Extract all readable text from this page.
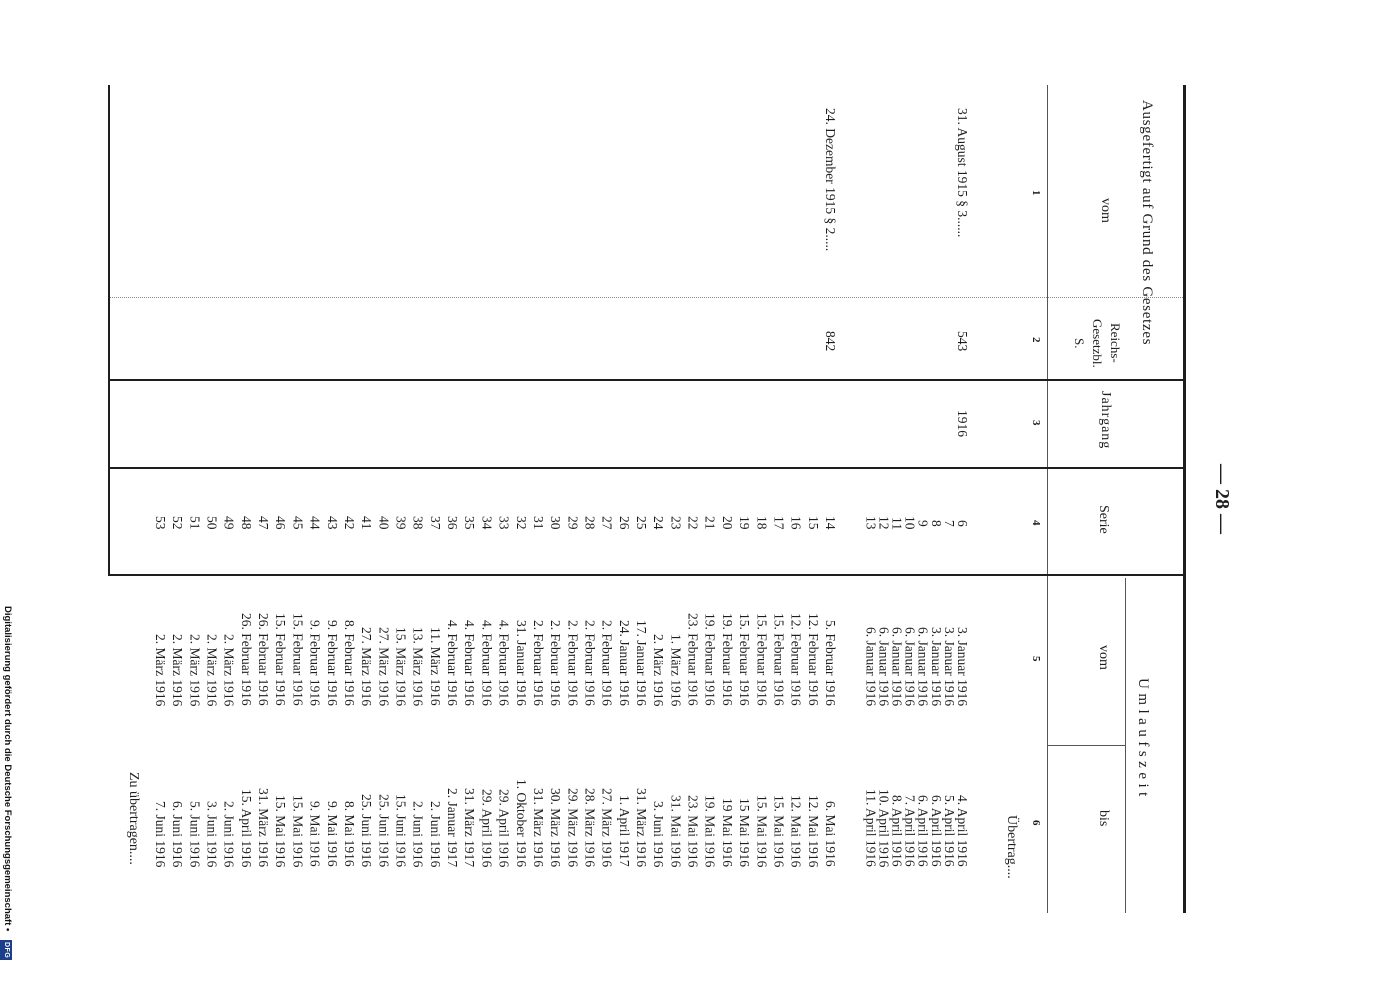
— 28 —
Ausgefertigt auf Grund des Gesetzes
vom
Reichs-
Gesetzbl.
S.
Jahrgang
Serie
Umlaufszeit
vom
bis
1
2
3
4
5
6
Übertrag....
31. August 1915 § 3......
543
1916
6
3. Januar 1916
4. April 1916
7
3. Januar 1916
5. April 1916
8
3. Januar 1916
6. April 1916
9
6. Januar 1916
6. April 1916
10
6. Januar 1916
7. April 1916
11
6. Januar 1916
8. April 1916
12
6. Januar 1916
10. April 1916
13
6. Januar 1916
11. April 1916
24. Dezember 1915 § 2.....
842
14
5. Februar 1916
6. Mai 1916
15
12. Februar 1916
12. Mai 1916
16
12. Februar 1916
12. Mai 1916
17
15. Februar 1916
15. Mai 1916
18
15. Februar 1916
15. Mai 1916
19
15. Februar 1916
15 Mai 1916
20
19. Februar 1916
19 Mai 1916
21
19. Februar 1916
19. Mai 1916
22
23. Februar 1916
23. Mai 1916
23
1. März 1916
31. Mai 1916
24
2. März 1916
3. Juni 1916
25
17. Januar 1916
31. März 1916
26
24. Januar 1916
1. April 1917
27
2. Februar 1916
27. März 1916
28
2. Februar 1916
28. März 1916
29
2. Februar 1916
29. März 1916
30
2. Februar 1916
30. März 1916
31
2. Februar 1916
31. März 1916
32
31. Januar 1916
1. Oktober 1916
33
4. Februar 1916
29. April 1916
34
4. Februar 1916
29. April 1916
35
4. Februar 1916
31. März 1917
36
4. Februar 1916
2. Januar 1917
37
11. März 1916
2. Juni 1916
38
13. März 1916
2. Juni 1916
39
15. März 1916
15. Juni 1916
40
27. März 1916
25. Juni 1916
41
27. März 1916
25. Juni 1916
42
8. Februar 1916
8. Mai 1916
43
9. Februar 1916
9. Mai 1916
44
9. Februar 1916
9. Mai 1916
45
15. Februar 1916
15. Mai 1916
46
15. Februar 1916
15. Mai 1916
47
26. Februar 1916
31. März 1916
48
26. Februar 1916
15. April 1916
49
2. März 1916
2. Juni 1916
50
2. März 1916
3. Juni 1916
51
2. März 1916
5. Juni 1916
52
2. März 1916
6. Juni 1916
53
2. März 1916
7. Juni 1916
Zu übertragen....
Digitalisierung gefördert durch die Deutsche Forschungsgemeinschaft • DFG
